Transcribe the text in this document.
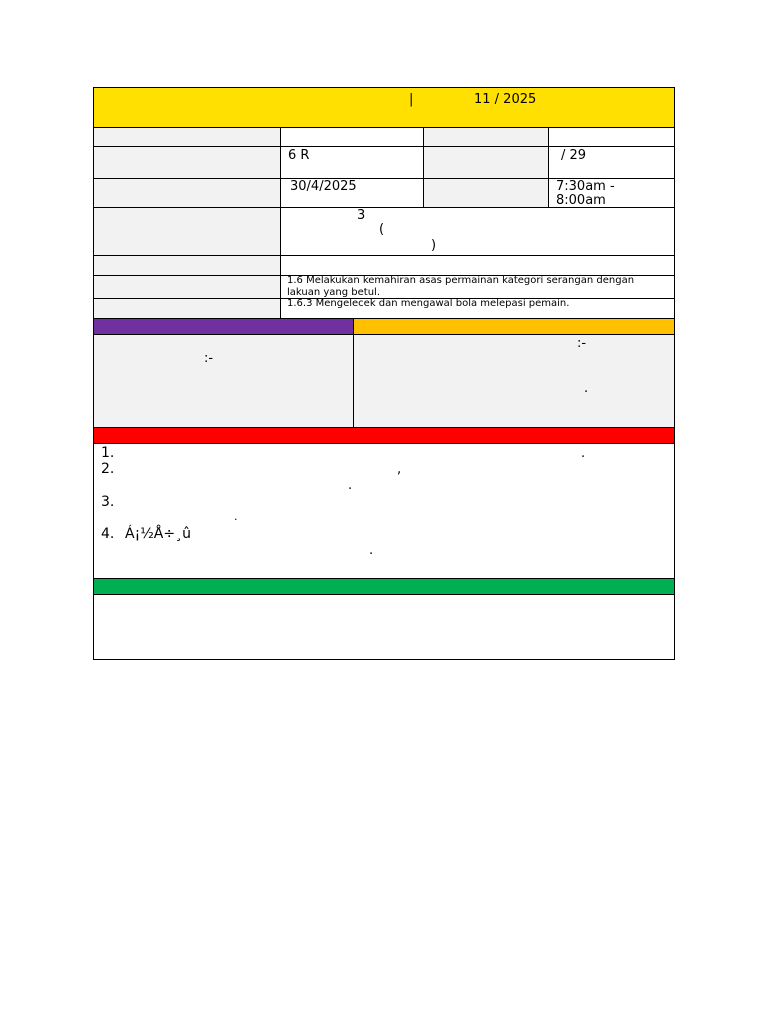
|	11 / 2025
6 R	/ 29
30/4/2025	7:30am -
8:00am
3
(
)
1.6 Melakukan kemahiran asas permainan kategori serangan dengan lakuan yang betul.
1.6.3 Mengelecek dan mengawal bola melepasi pemain.
:-
:-
.
1.	.
2.	,
.
3.
.
4. Á¡½Å÷¸û
.
